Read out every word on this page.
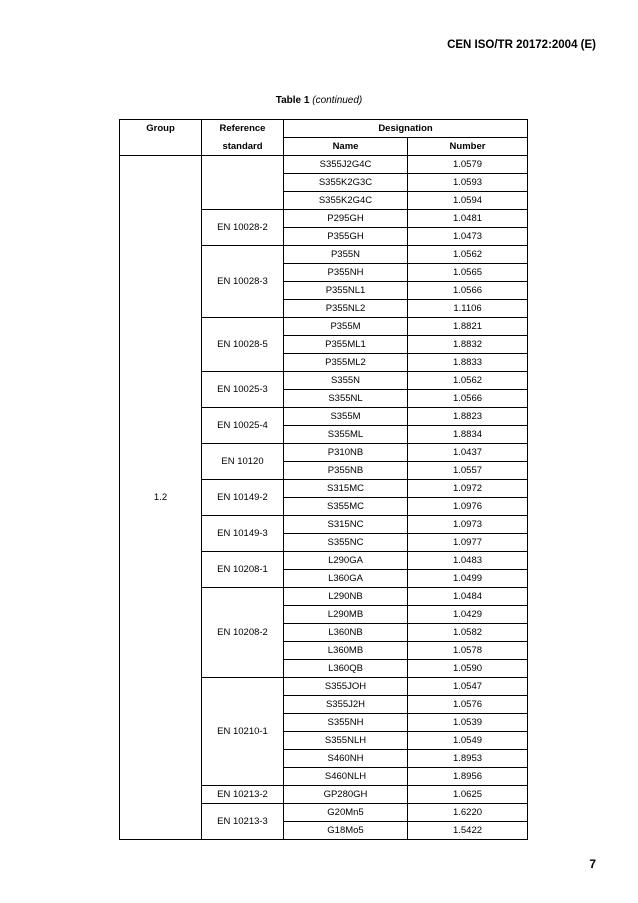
CEN ISO/TR 20172:2004 (E)
Table 1 (continued)
Group	Reference	Designation	
	standard	Name	Number
1.2		S355J2G4C	1.0579
		S355K2G3C	1.0593
		S355K2G4C	1.0594
	EN 10028-2	P295GH	1.0481
		P355GH	1.0473
	EN 10028-3	P355N	1.0562
		P355NH	1.0565
		P355NL1	1.0566
		P355NL2	1.1106
	EN 10028-5	P355M	1.8821
		P355ML1	1.8832
		P355ML2	1.8833
	EN 10025-3	S355N	1.0562
		S355NL	1.0566
	EN 10025-4	S355M	1.8823
		S355ML	1.8834
	EN 10120	P310NB	1.0437
		P355NB	1.0557
	EN 10149-2	S315MC	1.0972
		S355MC	1.0976
	EN 10149-3	S315NC	1.0973
		S355NC	1.0977
	EN 10208-1	L290GA	1.0483
		L360GA	1.0499
	EN 10208-2	L290NB	1.0484
		L290MB	1.0429
		L360NB	1.0582
		L360MB	1.0578
		L360QB	1.0590
	EN 10210-1	S355JOH	1.0547
		S355J2H	1.0576
		S355NH	1.0539
		S355NLH	1.0549
		S460NH	1.8953
		S460NLH	1.8956
	EN 10213-2	GP280GH	1.0625
	EN 10213-3	G20Mn5	1.6220
		G18Mo5	1.5422
7
